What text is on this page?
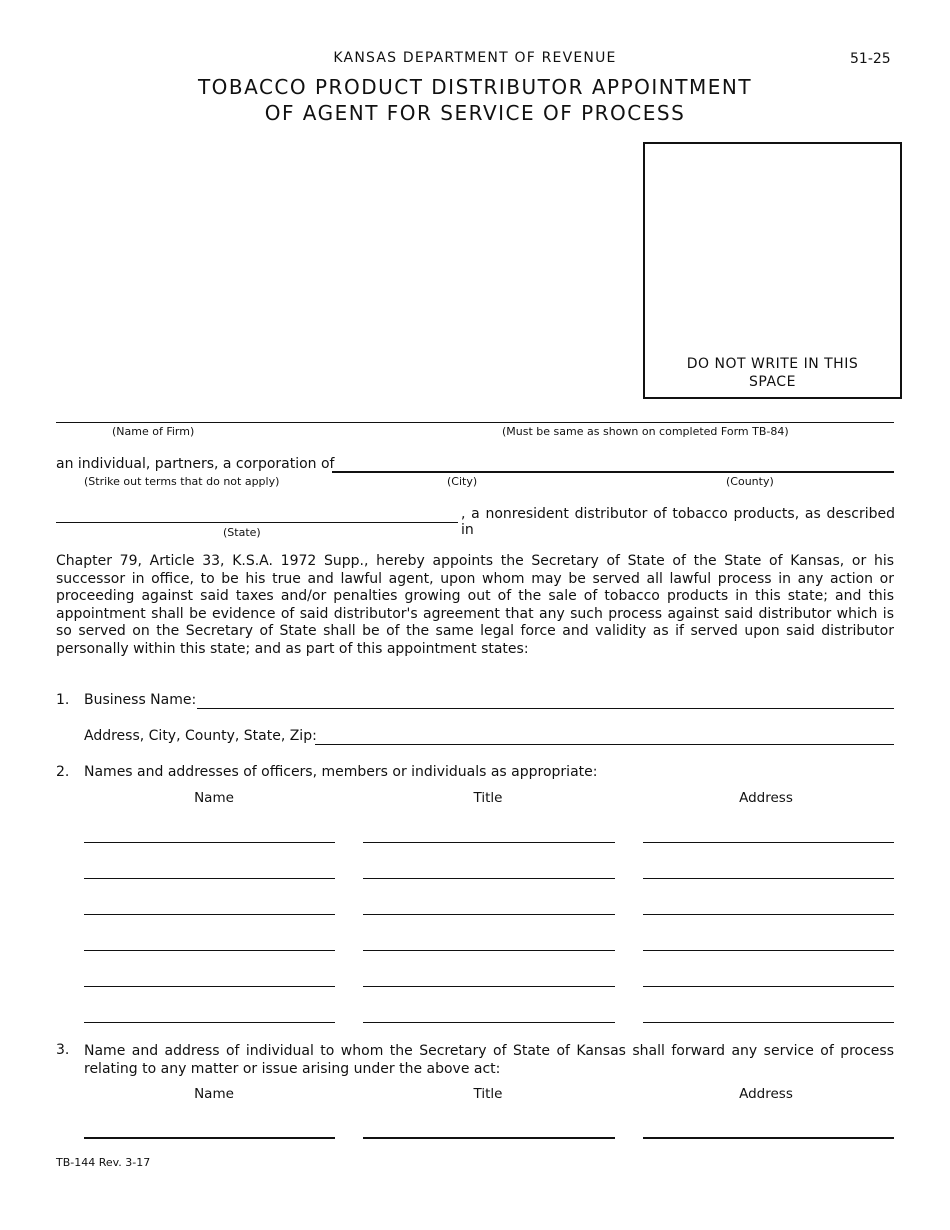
KANSAS DEPARTMENT OF REVENUE	51-25
TOBACCO PRODUCT DISTRIBUTOR APPOINTMENT
OF AGENT FOR SERVICE OF PROCESS
DO NOT WRITE IN THIS
SPACE
(Name of Firm)	(Must be same as shown on completed Form TB-84)
an individual, partners, a corporation of
(Strike out terms that do not apply)	(City)	(County)
, a nonresident distributor of tobacco products, as described in
(State)
Chapter 79, Article 33, K.S.A. 1972 Supp., hereby appoints the Secretary of State of the State of Kansas, or his successor in office, to be his true and lawful agent, upon whom may be served all lawful process in any action or proceeding against said taxes and/or penalties growing out of the sale of tobacco products in this state; and this appointment shall be evidence of said distributor's agreement that any such process against said distributor which is so served on the Secretary of State shall be of the same legal force and validity as if served upon said distributor personally within this state; and as part of this appointment states:
1. Business Name:
Address, City, County, State, Zip:
2. Names and addresses of officers, members or individuals as appropriate:
Name	Title	Address
3. Name and address of individual to whom the Secretary of State of Kansas shall forward any service of process relating to any matter or issue arising under the above act:
Name	Title	Address
TB-144 Rev. 3-17
